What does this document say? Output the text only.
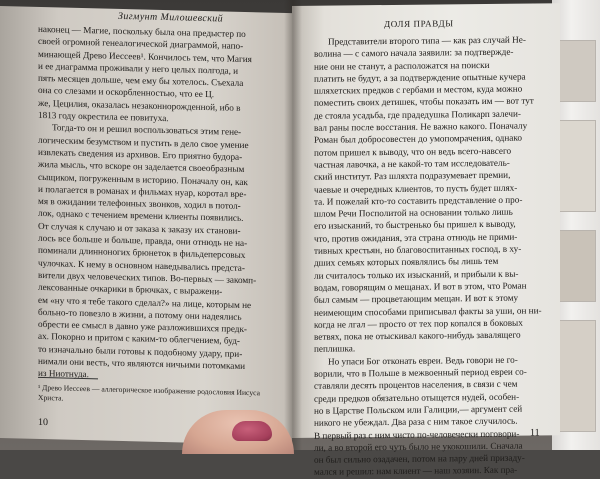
Зигмунт Милошевский

наконец — Магие, поскольку была она предыстер по

своей огромной генеалогической диаграммой, напо-

минающей Древо Иессеев¹. Кончилось тем, что Магия

и ее диаграмма проживали у него целых полгода, и

пять месяцев дольше, чем ему бы хотелось. Съехала

она со слезами и оскорбленностью, что ее Ц.

же, Цецилия, оказалась незаконнорожденной, ибо в

1813 году окрестила ее повитуха.

Тогда-то он и решил воспользоваться этим гене-

логическим безумством и пустить в дело свое умение

извлекать сведения из архивов. Его приятно будора-

жила мысль, что вскоре он заделается своеобразным

сыщиком, погруженным в историю. Поначалу он, как

и полагается в романах и фильмах нуар, коротал вре-

мя в ожидании телефонных звонков, ходил в потол-

лок, однако с течением времени клиенты появились.

От случая к случаю и от заказа к заказу их станови-

лось все больше и больше, правда, они отнюдь не на-

поминали длинноногих брюнеток в фильдеперсовых

чулочках. К нему в основном наведывались предста-

вители двух человеческих типов. Во-первых — закомп-

лексованные очкарики в брючках, с выражени-

ем «ну что я тебе такого сделал?» на лице, которым не

больно-то повезло в жизни, а потому они надеялись

обрести ее смысл в давно уже разложившихся предк-

ах. Покорно и притом с каким-то облегчением, буд-

то изначально были готовы к подобному удару, при-

нимали они весть, что являются ничьими потомками

из Ниотнуда.

¹ Древо Иессеев — аллегорическое изображение родословия Иисуса Христа.
10
ДОЛЯ ПРАВДЫ

Представители второго типа — как раз случай Не-

волина — с самого начала заявили: за подтвержде-

ние они не станут, а расположатся на поиски

платить не будут, а за подтверждение опытные кучера

шляхетских предков с гербами и местом, куда можно

поместить своих детишек, чтобы показать им — вот тут

де стояла усадьба, где прадедушка Поликарп залечи-

вал раны после восстания. Не важно какого. Поначалу

Роман был добросовестен до умопомрачения, однако

потом пришел к выводу, что он ведь всего-навсего

частная лавочка, а не какой-то там исследователь-

ский институт. Раз шляхта подразумевает премии,

чаевые и очередных клиентов, то пусть будет шлях-

та. И пожелай кто-то составить представление о про-

шлом Речи Посполитой на основании только лишь

его изысканий, то быстренько бы пришел к выводу,

что, против ожидания, эта страна отнюдь не прими-

тивных крестьян, но благовоспитанных господ, в ху-

дших семьях которых появлялись бы лишь тем

ли считалось только их изысканий, и прибыли к вы-

водам, говорящим о мещанах. И вот в этом, что Роман

был самым — процветающим мещан. И вот к этому

неимеющим способами приписывал факты за уши, он ни-

когда не лгал — просто от тех пор копался в боковых

ветвях, пока не отыскивал какого-нибудь завалящего

пеплишка.

Но упаси Бог отконать евреи. Ведь говори не го-

ворили, что в Польше в межвоенный период евреи со-

ставляли десять процентов населения, в связи с чем

среди предков обязательно отыщется нудей, особен-

но в Царстве Польском или Галиции,— аргумент сей

никого не убеждал. Два раза с ним такое случилось.

В первый раз с ним чисто по-человечески поговори-

ли, а во второй его чуть было не укокошили. Сначала

он был сильно озадачен, потом на пару дней призаду-

мался и решил: нам клиент — наш хозяин. Как пра-

11
